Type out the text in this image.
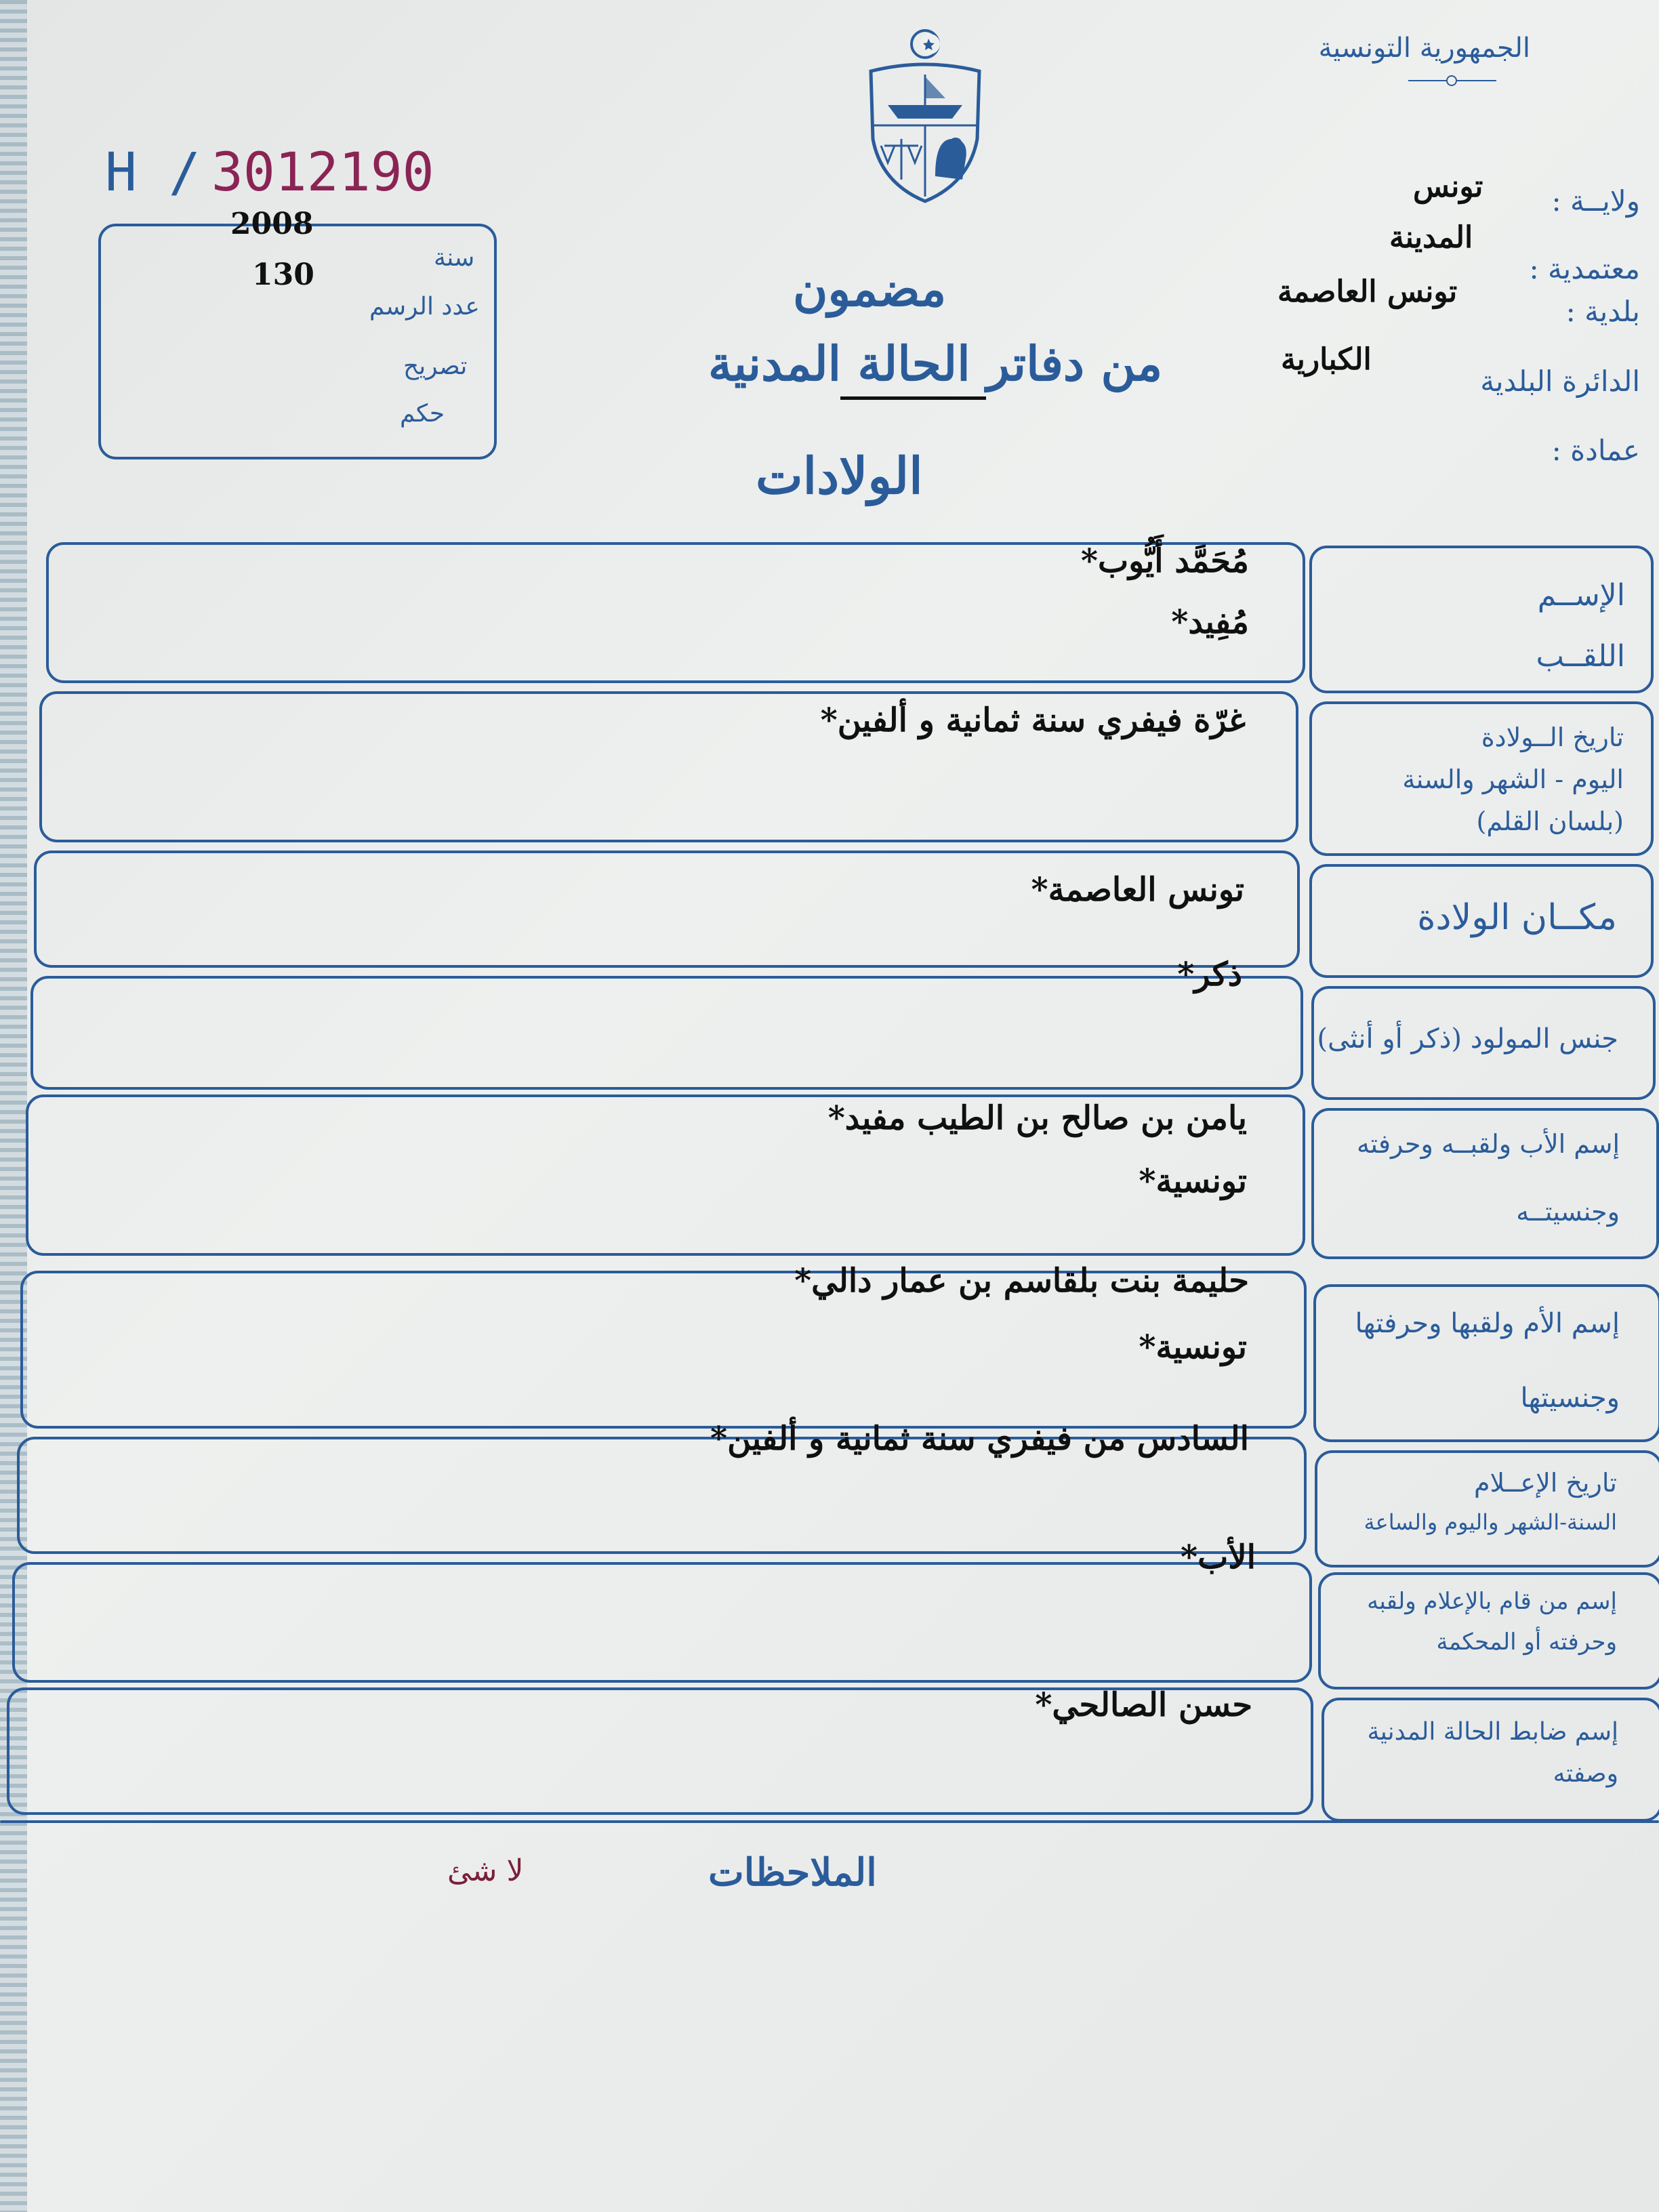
الجمهورية التونسية
H / 3012190
2008
130	سنة
عدد الرسم
تصريح
حكم
مضمون
من دفاتر الحالة المدنية
الولادات
ولايــة :
تونس
معتمدية :
المدينة
بلدية :
تونس العاصمة
الدائرة البلدية
الكبارية
عمادة :
الإســم
اللقــب
مُحَمَّد أَيُّوب*
مُفِيد*
تاريخ الــولادة
اليوم - الشهر والسنة
(بلسان القلم)
غرّة فيفري سنة ثمانية و ألفين*
مكــان الولادة
تونس العاصمة*
جنس المولود (ذكر أو أنثى)
ذكر*
إسم الأب ولقبــه وحرفته
وجنسيتــه
يامن بن صالح بن الطيب مفيد*
تونسية*
إسم الأم ولقبها وحرفتها
وجنسيتها
حليمة بنت بلقاسم بن عمار دالي*
تونسية*
تاريخ الإعــلام
السنة-الشهر واليوم والساعة
السادس من فيفري سنة ثمانية و ألفين*
إسم من قام بالإعلام ولقبه
وحرفته أو المحكمة
الأب*
إسم ضابط الحالة المدنية
وصفته
حسن الصالحي*
الملاحظات
لا شئ
